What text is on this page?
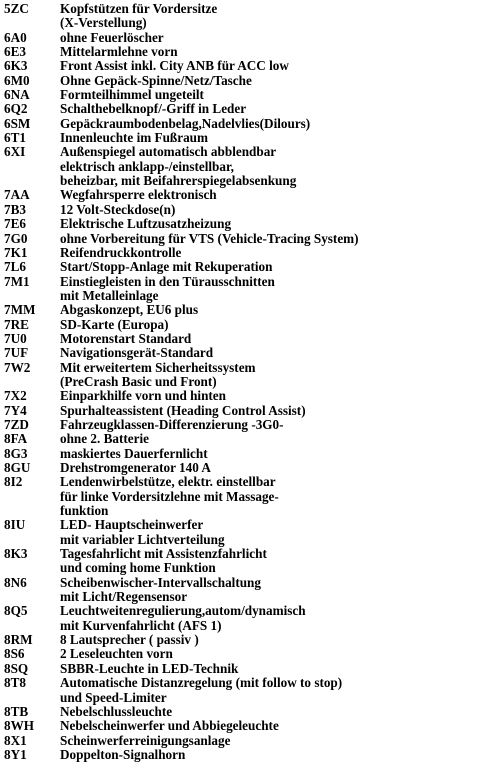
5ZC	Kopfstützen für Vordersitze
(X-Verstellung)
6A0	ohne Feuerlöscher
6E3	Mittelarmlehne vorn
6K3	Front Assist inkl. City ANB für ACC low
6M0	Ohne Gepäck-Spinne/Netz/Tasche
6NA	Formteilhimmel ungeteilt
6Q2	Schalthebelknopf/-Griff in Leder
6SM	Gepäckraumbodenbelag,Nadelvlies(Dilours)
6T1	Innenleuchte im Fußraum
6XI	Außenspiegel automatisch abblendbar
elektrisch anklapp-/einstellbar,
beheizbar, mit Beifahrerspiegelabsenkung
7AA	Wegfahrsperre elektronisch
7B3	12 Volt-Steckdose(n)
7E6	Elektrische Luftzusatzheizung
7G0	ohne Vorbereitung für VTS (Vehicle-Tracing System)
7K1	Reifendruckkontrolle
7L6	Start/Stopp-Anlage mit Rekuperation
7M1	Einstiegleisten in den Türausschnitten
mit Metalleinlage
7MM	Abgaskonzept, EU6 plus
7RE	SD-Karte (Europa)
7U0	Motorenstart Standard
7UF	Navigationsgerät-Standard
7W2	Mit erweitertem Sicherheitssystem
(PreCrash Basic und Front)
7X2	Einparkhilfe vorn und hinten
7Y4	Spurhalteassistent (Heading Control Assist)
7ZD	Fahrzeugklassen-Differenzierung -3G0-
8FA	ohne 2. Batterie
8G3	maskiertes Dauerfernlicht
8GU	Drehstromgenerator 140 A
8I2	Lendenwirbelstütze, elektr. einstellbar
für linke Vordersitzlehne mit Massage-
funktion
8IU	LED- Hauptscheinwerfer
mit variabler Lichtverteilung
8K3	Tagesfahrlicht mit Assistenzfahrlicht
und coming home Funktion
8N6	Scheibenwischer-Intervallschaltung
mit Licht/Regensensor
8Q5	Leuchtweitenregulierung,autom/dynamisch
mit Kurvenfahrlicht (AFS 1)
8RM	8 Lautsprecher ( passiv )
8S6	2 Leseleuchten vorn
8SQ	SBBR-Leuchte in LED-Technik
8T8	Automatische Distanzregelung (mit follow to stop)
und Speed-Limiter
8TB	Nebelschlussleuchte
8WH	Nebelscheinwerfer und Abbiegeleuchte
8X1	Scheinwerferreinigungsanlage
8Y1	Doppelton-Signalhorn
